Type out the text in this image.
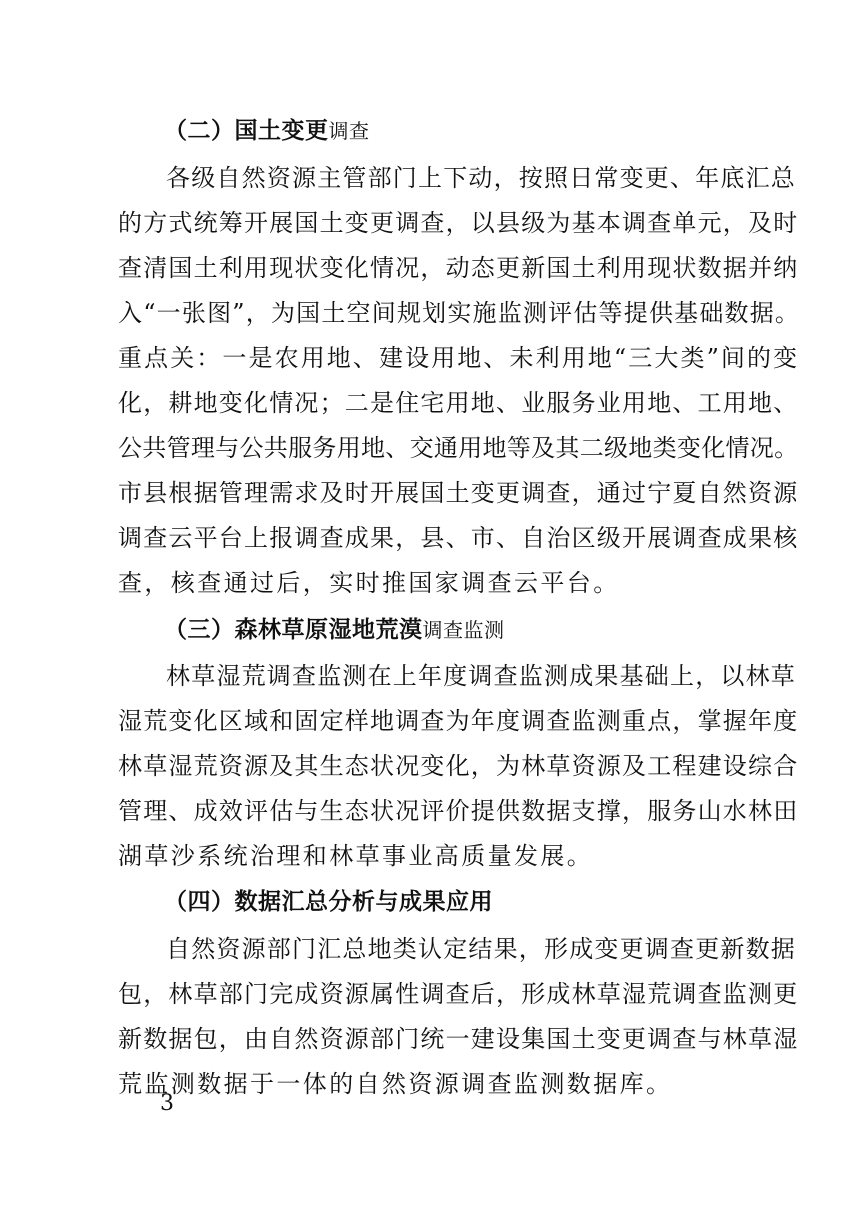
（二）国土变更调查
各级自然资源主管部门上下动，按照日常变更、年底汇总
的方式统筹开展国土变更调查，以县级为基本调查单元，及时
查清国土利用现状变化情况，动态更新国土利用现状数据并纳
入“一张图”，为国土空间规划实施监测评估等提供基础数据。
重点关：一是农用地、建设用地、未利用地“三大类”间的变
化，耕地变化情况；二是住宅用地、业服务业用地、工用地、
公共管理与公共服务用地、交通用地等及其二级地类变化情况。
市县根据管理需求及时开展国土变更调查，通过宁夏自然资源
调查云平台上报调查成果，县、市、自治区级开展调查成果核
查，核查通过后，实时推国家调查云平台。
（三）森林草原湿地荒漠调查监测
林草湿荒调查监测在上年度调查监测成果基础上，以林草
湿荒变化区域和固定样地调查为年度调查监测重点，掌握年度
林草湿荒资源及其生态状况变化，为林草资源及工程建设综合
管理、成效评估与生态状况评价提供数据支撑，服务山水林田
湖草沙系统治理和林草事业高质量发展。
（四）数据汇总分析与成果应用
自然资源部门汇总地类认定结果，形成变更调查更新数据
包，林草部门完成资源属性调查后，形成林草湿荒调查监测更
新数据包，由自然资源部门统一建设集国土变更调查与林草湿
荒监测数据于一体的自然资源调查监测数据库。
3
